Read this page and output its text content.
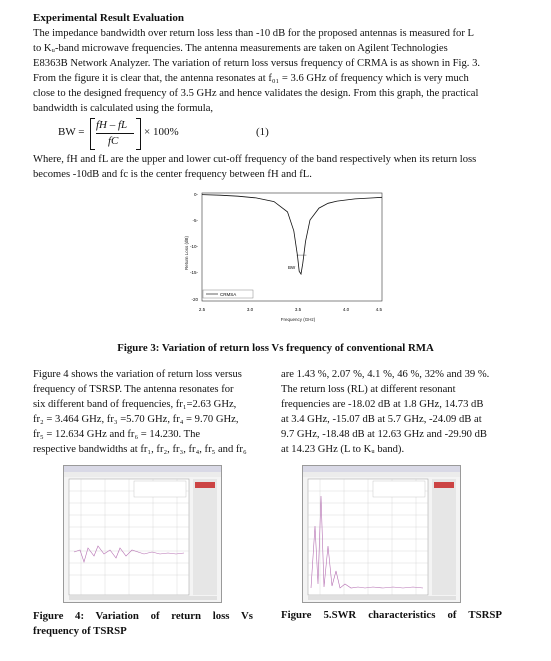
Experimental Result Evaluation
The impedance bandwidth over return loss less than -10 dB for the proposed antennas is measured for L
to Kᵤ-band microwave frequencies. The antenna measurements are taken on Agilent Technologies
E8363B Network Analyzer. The variation of return loss versus frequency of CRMA is as shown in Fig. 3.
From the figure it is clear that, the antenna resonates at f₀₁ = 3.6 GHz of frequency which is very much
close to the designed frequency of 3.5 GHz and hence validates the design. From this graph, the practical
bandwidth is calculated using the formula,
BW =
fH – fL
fC
× 100%	(1)
Where, fH and fL are the upper and lower cut-off frequency of the band respectively when its return loss
becomes -10dB and fc is the center frequency between fH and fL.
Return Loss (dB)
Frequency (GHz)
0-
-5-
-10-
-15-
-20
2.5	3.0	3.5	4.0	4.5
CRMSA
BW
Figure 3: Variation of return loss Vs frequency of conventional RMA
Figure 4 shows the variation of return loss versus
frequency of TSRSP. The antenna resonates for
six different band of frequencies, fr₁=2.63 GHz,
fr₂ = 3.464 GHz, fr₃ =5.70 GHz, fr₄ = 9.70 GHz,
fr₅ = 12.634 GHz and fr₆ = 14.230. The
respective bandwidths at fr₁, fr₂, fr₃, fr₄, fr₅ and fr₆
are 1.43 %, 2.07 %, 4.1 %, 46 %, 32% and 39 %.
The return loss (RL) at different resonant
frequencies are -18.02 dB at 1.8 GHz, 14.73 dB
at 3.4 GHz, -15.07 dB at 5.7 GHz, -24.09 dB at
9.7 GHz, -18.48 dB at 12.63 GHz and -29.90 dB
at 14.23 GHz (L to Kᵤ band).
Figure 4: Variation of return loss Vs
frequency of TSRSP
Figure 5.SWR characteristics of TSRSP
